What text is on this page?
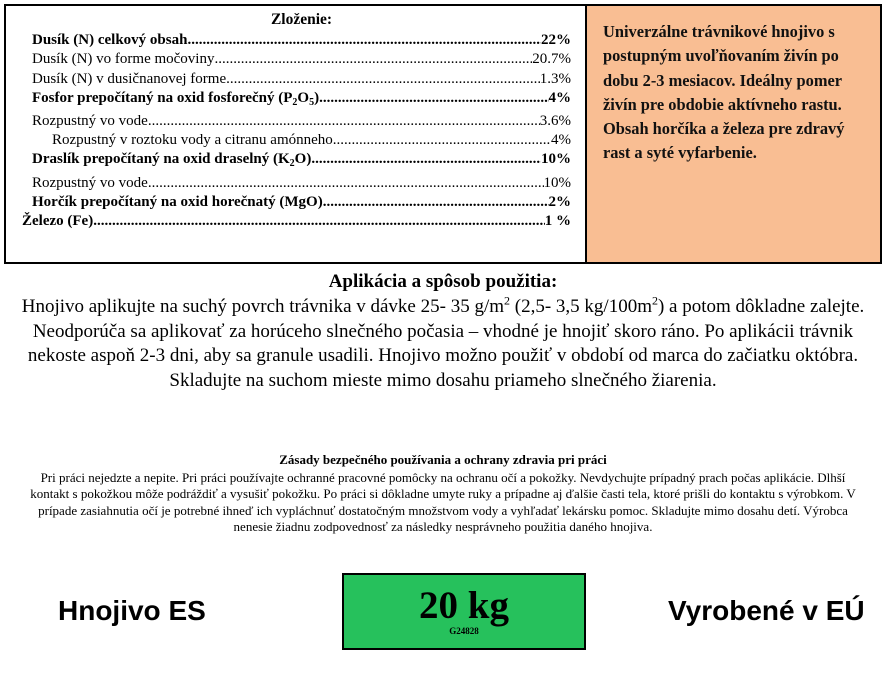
Zloženie:
Dusík (N) celkový obsah .....	22%
Dusík (N) vo forme močoviny .....	20.7%
Dusík (N) v dusičnanovej forme .....	1.3%
Fosfor prepočítaný na oxid fosforečný $(P_2O_5)$ .....	4%
Rozpustný vo vode .....	3.6%
Rozpustný v roztoku vody a citranu amónneho .....	4%
Draslík prepočítaný na oxid draselný $(K_2O)$ .....	10%
Rozpustný vo vode .....	10%
Horčík prepočítaný na oxid horečnatý (MgO) .....	2%
Železo (Fe) .....	1 %
Univerzálne trávnikové hnojivo s postupným uvoľňovaním živín po dobu 2-3 mesiacov. Ideálny pomer živín pre obdobie aktívneho rastu. Obsah horčíka a železa pre zdravý rast a syté vyfarbenie.
Aplikácia a spôsob použitia:
Hnojivo aplikujte na suchý povrch trávnika v dávke 25- 35 $g/m^2$ (2,5- 3,5 $kg/100m^2$) a potom dôkladne zalejte. Neodporúča sa aplikovať za horúceho slnečného počasia – vhodné je hnojiť skoro ráno. Po aplikácii trávnik nekoste aspoň 2-3 dni, aby sa granule usadili. Hnojivo možno použiť v období od marca do začiatku októbra. Skladujte na suchom mieste mimo dosahu priameho slnečného žiarenia.
Zásady bezpečného používania a ochrany zdravia pri práci
Pri práci nejedzte a nepite. Pri práci používajte ochranné pracovné pomôcky na ochranu očí a pokožky. Nevdychujte prípadný prach počas aplikácie. Dlhší kontakt s pokožkou môže podráždiť a vysušiť pokožku. Po práci si dôkladne umyte ruky a prípadne aj ďalšie časti tela, ktoré prišli do kontaktu s výrobkom. V prípade zasiahnutia očí je potrebné ihneď ich vypláchnuť dostatočným množstvom vody a vyhľadať lekársku pomoc. Skladujte mimo dosahu detí. Výrobca nenesie žiadnu zodpovednosť za následky nesprávneho použitia daného hnojiva.
Hnojivo ES	20 kg
G24828
Vyrobené v EÚ
